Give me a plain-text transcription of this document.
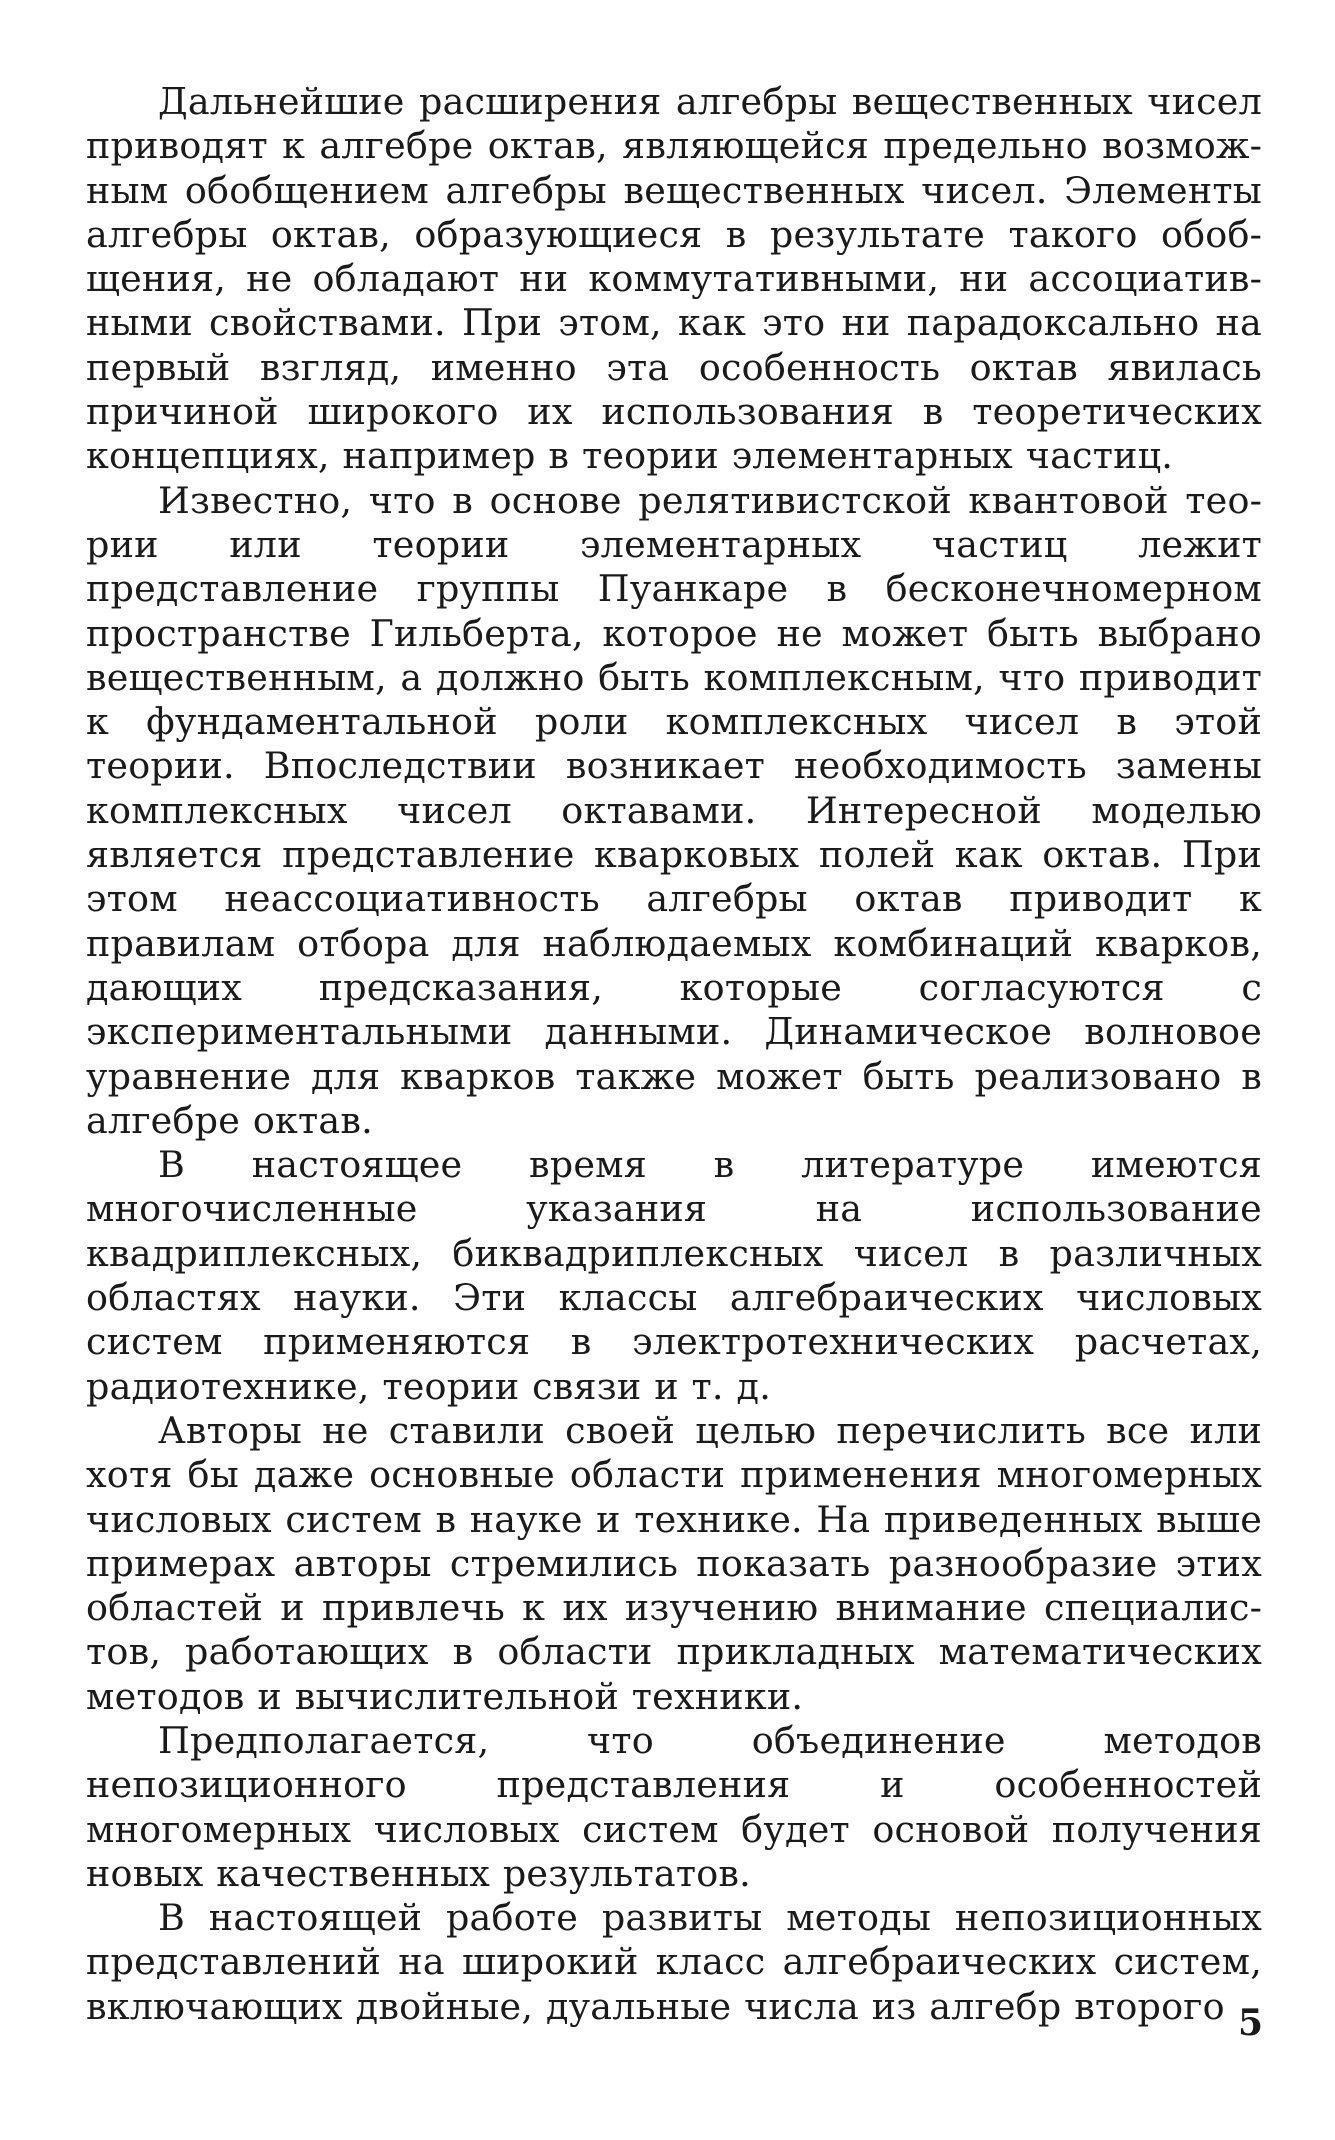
Дальнейшие расширения алгебры вещественных чисел приводят к алгебре октав, являющейся предельно возможным обобщением алгебры вещественных чисел. Элементы алгебры октав, образующиеся в результате такого обобщения, не обладают ни коммутативными, ни ассоциативными свойствами. При этом, как это ни парадоксально на первый взгляд, именно эта особенность октав явилась причиной широкого их использования в теоретических концепциях, например в теории элементарных частиц.

Известно, что в основе релятивистской квантовой теории или теории элементарных частиц лежит представление группы Пуанкаре в бесконечномерном пространстве Гильберта, которое не может быть выбрано вещественным, а должно быть комплексным, что приводит к фундаментальной роли комплексных чисел в этой теории. Впоследствии возникает необходимость замены комплексных чисел октавами. Интересной моделью является представление кварковых полей как октав. При этом неассоциативность алгебры октав приводит к правилам отбора для наблюдаемых комбинаций кварков, дающих предсказания, которые согласуются с экспериментальными данными. Динамическое волновое уравнение для кварков также может быть реализовано в алгебре октав.

В настоящее время в литературе имеются многочисленные указания на использование квадриплексных, биквадриплексных чисел в различных областях науки. Эти классы алгебраических числовых систем применяются в электротехнических расчетах, радиотехнике, теории связи и т. д.

Авторы не ставили своей целью перечислить все или хотя бы даже основные области применения многомерных числовых систем в науке и технике. На приведенных выше примерах авторы стремились показать разнообразие этих областей и привлечь к их изучению внимание специалистов, работающих в области прикладных математических методов и вычислительной техники.

Предполагается, что объединение методов непозиционного представления и особенностей многомерных числовых систем будет основой получения новых качественных результатов.

В настоящей работе развиты методы непозиционных представлений на широкий класс алгебраических систем, включающих двойные, дуальные числа из алгебр второго 5
